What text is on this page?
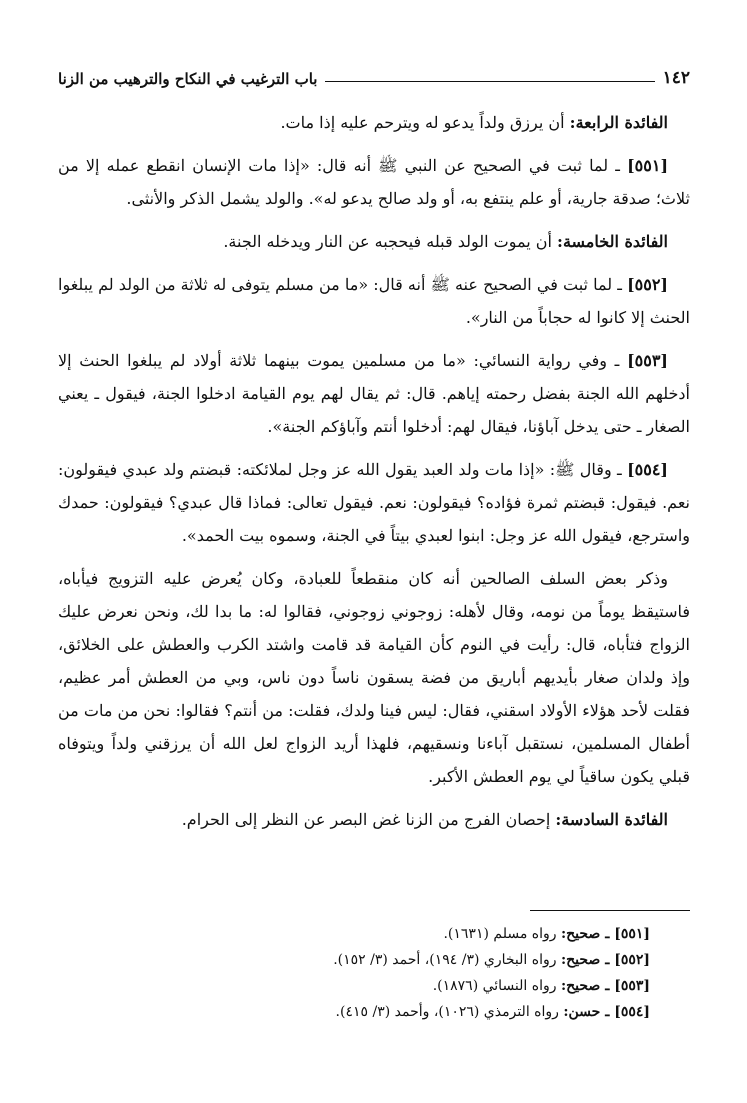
١٤٢
باب الترغيب في النكاح والترهيب من الزنا

الفائدة الرابعة: أن يرزق ولداً يدعو له ويترحم عليه إذا مات.

[٥٥١] ـ لما ثبت في الصحيح عن النبي ﷺ أنه قال: «إذا مات الإنسان انقطع عمله إلا من ثلاث؛ صدقة جارية، أو علم ينتفع به، أو ولد صالح يدعو له». والولد يشمل الذكر والأنثى.

الفائدة الخامسة: أن يموت الولد قبله فيحجبه عن النار ويدخله الجنة.

[٥٥٢] ـ لما ثبت في الصحيح عنه ﷺ أنه قال: «ما من مسلم يتوفى له ثلاثة من الولد لم يبلغوا الحنث إلا كانوا له حجاباً من النار».

[٥٥٣] ـ وفي رواية النسائي: «ما من مسلمين يموت بينهما ثلاثة أولاد لم يبلغوا الحنث إلا أدخلهم الله الجنة بفضل رحمته إياهم. قال: ثم يقال لهم يوم القيامة ادخلوا الجنة، فيقول ـ يعني الصغار ـ حتى يدخل آباؤنا، فيقال لهم: أدخلوا أنتم وآباؤكم الجنة».

[٥٥٤] ـ وقال ﷺ: «إذا مات ولد العبد يقول الله عز وجل لملائكته: قبضتم ولد عبدي فيقولون: نعم. فيقول: قبضتم ثمرة فؤاده؟ فيقولون: نعم. فيقول تعالى: فماذا قال عبدي؟ فيقولون: حمدك واسترجع، فيقول الله عز وجل: ابنوا لعبدي بيتاً في الجنة، وسموه بيت الحمد».

وذكر بعض السلف الصالحين أنه كان منقطعاً للعبادة، وكان يُعرض عليه التزويج فيأباه، فاستيقظ يوماً من نومه، وقال لأهله: زوجوني زوجوني، فقالوا له: ما بدا لك، ونحن نعرض عليك الزواج فتأباه، قال: رأيت في النوم كأن القيامة قد قامت واشتد الكرب والعطش على الخلائق، وإذ ولدان صغار بأيديهم أباريق من فضة يسقون ناساً دون ناس، وبي من العطش أمر عظيم، فقلت لأحد هؤلاء الأولاد اسقني، فقال: ليس فينا ولدك، فقلت: من أنتم؟ فقالوا: نحن من مات من أطفال المسلمين، نستقبل آباءنا ونسقيهم، فلهذا أريد الزواج لعل الله أن يرزقني ولداً ويتوفاه قبلي يكون ساقياً لي يوم العطش الأكبر.

الفائدة السادسة: إحصان الفرج من الزنا غض البصر عن النظر إلى الحرام.

[٥٥١] ـ صحيح: رواه مسلم (١٦٣١).
[٥٥٢] ـ صحيح: رواه البخاري (٣/ ١٩٤)، أحمد (٣/ ١٥٢).
[٥٥٣] ـ صحيح: رواه النسائي (١٨٧٦).
[٥٥٤] ـ حسن: رواه الترمذي (١٠٢٦)، وأحمد (٣/ ٤١٥).
